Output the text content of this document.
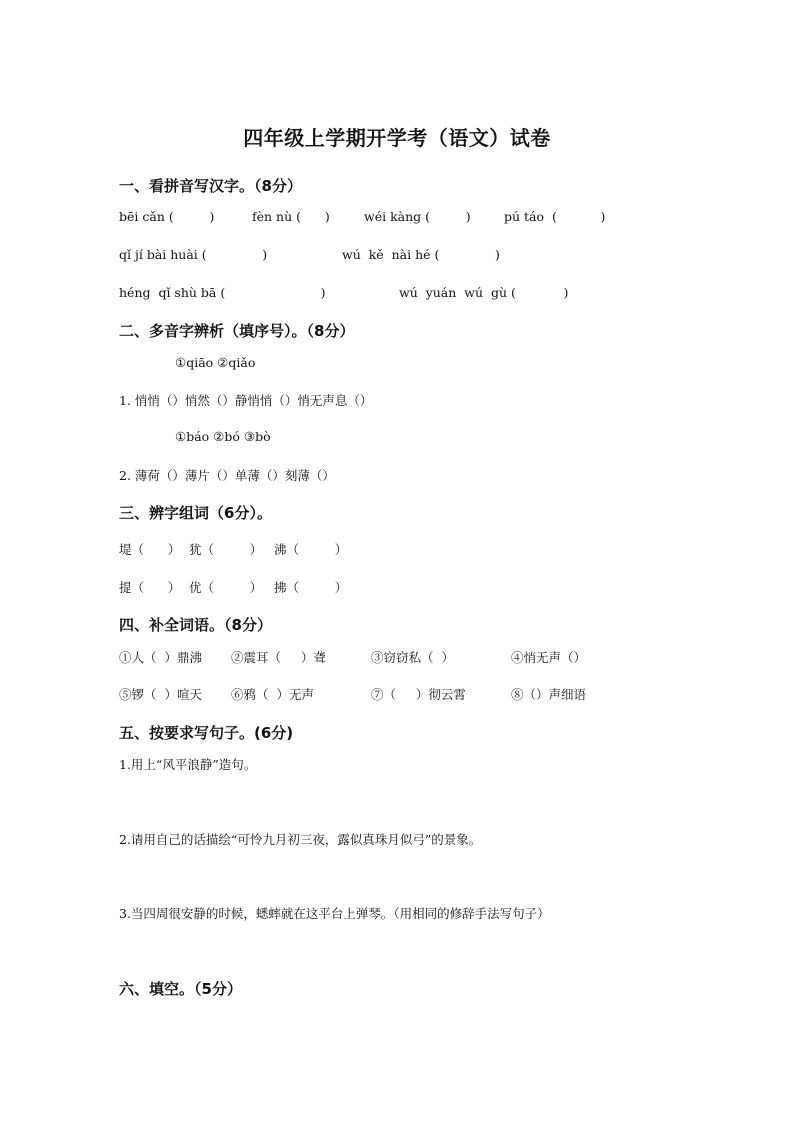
四年级上学期开学考（语文）试卷
一、看拼音写汉字。（8分）
bēi cǎn (         )	fèn nù (      )	wéi kàng (         )	pú táo  (           )
qǐ jí bài huài (              )	wú  kě  nài hé (              )
héng  qǐ shù bā (                        )	wú  yuán  wú  gù (            )
二、多音字辨析（填序号）。（8分）
①qiāo ②qiǎo
1. 悄悄（）悄然（）静悄悄（）悄无声息（）
①báo ②bó ③bò
2. 薄荷（）薄片（）单薄（）刻薄（）
三、辨字组词（6分）。
堤（      ） 犹（         ） 沸（         ）
提（      ） 优（         ） 拂（         ）
四、补全词语。（8分）
①人（  ）鼎沸 ②震耳（     ）聋	③窃窃私（  ）	④悄无声（）
⑤锣（  ）喧天 ⑥鸦（  ）无声	⑦（     ）彻云霄	⑧（）声细语
五、按要求写句子。(6分)
1.用上“风平浪静”造句。
2.请用自己的话描绘“可怜九月初三夜，露似真珠月似弓”的景象。
3.当四周很安静的时候，蟋蟀就在这平台上弹琴。（用相同的修辞手法写句子）
六、填空。（5分）
